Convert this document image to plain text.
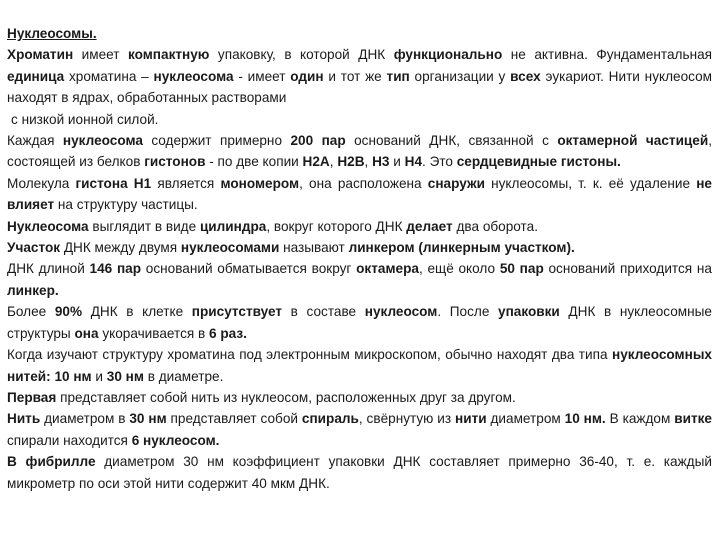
Нуклеосомы.

Хроматин имеет компактную упаковку, в которой ДНК функционально не активна. Фундаментальная единица хроматина – нуклеосома - имеет один и тот же тип организации у всех эукариот. Нити нуклеосом находят в ядрах, обработанных растворами

с низкой ионной силой.

Каждая нуклеосома содержит примерно 200 пар оснований ДНК, связанной с октамерной частицей, состоящей из белков гистонов - по две копии Н2А, Н2В, Н3 и Н4. Это сердцевидные гистоны.

Молекула гистона Н1 является мономером, она расположена снаружи нуклеосомы, т. к. её удаление не влияет на структуру частицы.

Нуклеосома выглядит в виде цилиндра, вокруг которого ДНК делает два оборота.

Участок ДНК между двумя нуклеосомами называют линкером (линкерным участком).

ДНК длиной 146 пар оснований обматывается вокруг октамера, ещё около 50 пар оснований приходится на линкер.

Более 90% ДНК в клетке присутствует в составе нуклеосом. После упаковки ДНК в нуклеосомные структуры она укорачивается в 6 раз.

Когда изучают структуру хроматина под электронным микроскопом, обычно находят два типа нуклеосомных нитей: 10 нм и 30 нм в диаметре.

Первая представляет собой нить из нуклеосом, расположенных друг за другом.

Нить диаметром в 30 нм представляет собой спираль, свёрнутую из нити диаметром 10 нм. В каждом витке спирали находится 6 нуклеосом.

В фибрилле диаметром 30 нм коэффициент упаковки ДНК составляет примерно 36-40, т. е. каждый микрометр по оси этой нити содержит 40 мкм ДНК.
